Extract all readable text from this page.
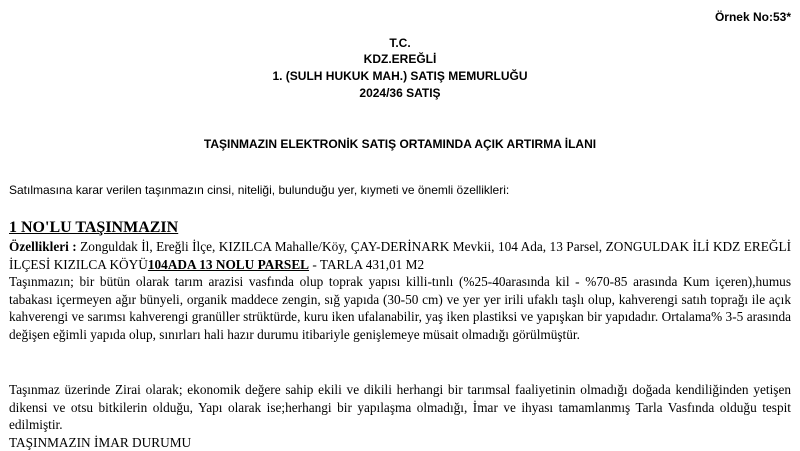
Örnek No:53*
T.C.
KDZ.EREĞLİ
1. (SULH HUKUK MAH.) SATIŞ MEMURLUĞU
2024/36 SATIŞ
TAŞINMAZIN ELEKTRONİK SATIŞ ORTAMINDA AÇIK ARTIRMA İLANI
Satılmasına karar verilen taşınmazın cinsi, niteliği, bulunduğu yer, kıymeti ve önemli özellikleri:
1 NO'LU TAŞINMAZIN

Özellikleri : Zonguldak İl, Ereğli İlçe, KIZILCA Mahalle/Köy, ÇAY-DERİNARK Mevkii, 104 Ada, 13 Parsel, ZONGULDAK İLİ KDZ EREĞLİ İLÇESİ KIZILCA KÖYÜ104ADA 13 NOLU PARSEL - TARLA 431,01 M2

Taşınmazın; bir bütün olarak tarım arazisi vasfında olup toprak yapısı killi-tınlı (%25-40arasında kil - %70-85 arasında Kum içeren),humus tabakası içermeyen ağır bünyeli, organik maddece zengin, sığ yapıda (30-50 cm) ve yer yer irili ufaklı taşlı olup, kahverengi satıh toprağı ile açık kahverengi ve sarımsı kahverengi granüller strüktürde, kuru iken ufalanabilir, yaş iken plastiksi ve yapışkan bir yapıdadır. Ortalama% 3-5 arasında değişen eğimli yapıda olup, sınırları hali hazır durumu itibariyle genişlemeye müsait olmadığı görülmüştür.

Taşınmaz üzerinde Zirai olarak; ekonomik değere sahip ekili ve dikili herhangi bir tarımsal faaliyetinin olmadığı doğada kendiliğinden yetişen dikensi ve otsu bitkilerin olduğu, Yapı olarak ise;herhangi bir yapılaşma olmadığı, İmar ve ihyası tamamlanmış Tarla Vasfında olduğu tespit edilmiştir.

TAŞINMAZIN İMAR DURUMU
